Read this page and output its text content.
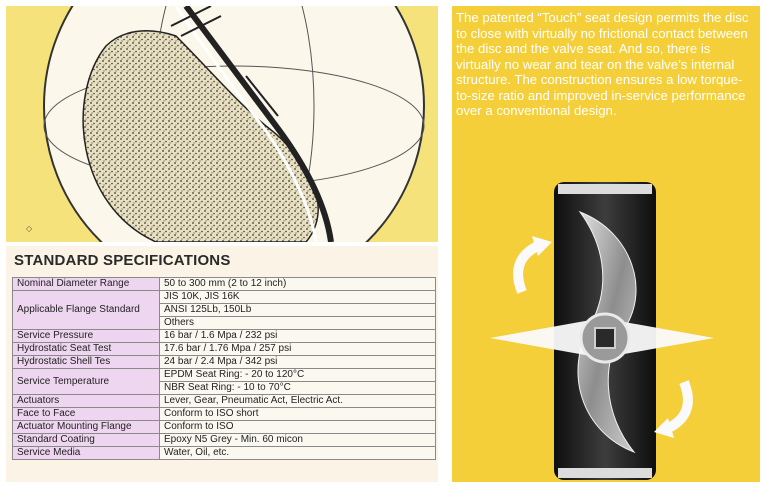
◇
STANDARD SPECIFICATIONS
Nominal Diameter Range	50 to 300 mm (2 to 12 inch)
Applicable Flange Standard	JIS 10K, JIS 16K
	ANSI 125Lb, 150Lb
	Others
Service Pressure	16 bar / 1.6 Mpa / 232 psi
Hydrostatic Seat Test	17.6 bar / 1.76 Mpa / 257 psi
Hydrostatic Shell Tes	24 bar / 2.4 Mpa / 342 psi
Service Temperature	EPDM Seat Ring: - 20 to 120°C
	NBR Seat Ring: - 10 to 70°C
Actuators	Lever, Gear, Pneumatic Act, Electric Act.
Face to Face	Conform to ISO short
Actuator Mounting Flange	Conform to ISO
Standard Coating	Epoxy N5 Grey - Min. 60 micon
Service Media	Water, Oil, etc.

The patented “Touch” seat design permits the disc to close with virtually no frictional contact between the disc and the valve seat. And so, there is virtually no wear and tear on the valve’s internal structure. The construction ensures a low torque-to-size ratio and improved in-service performance over a conventional design.
